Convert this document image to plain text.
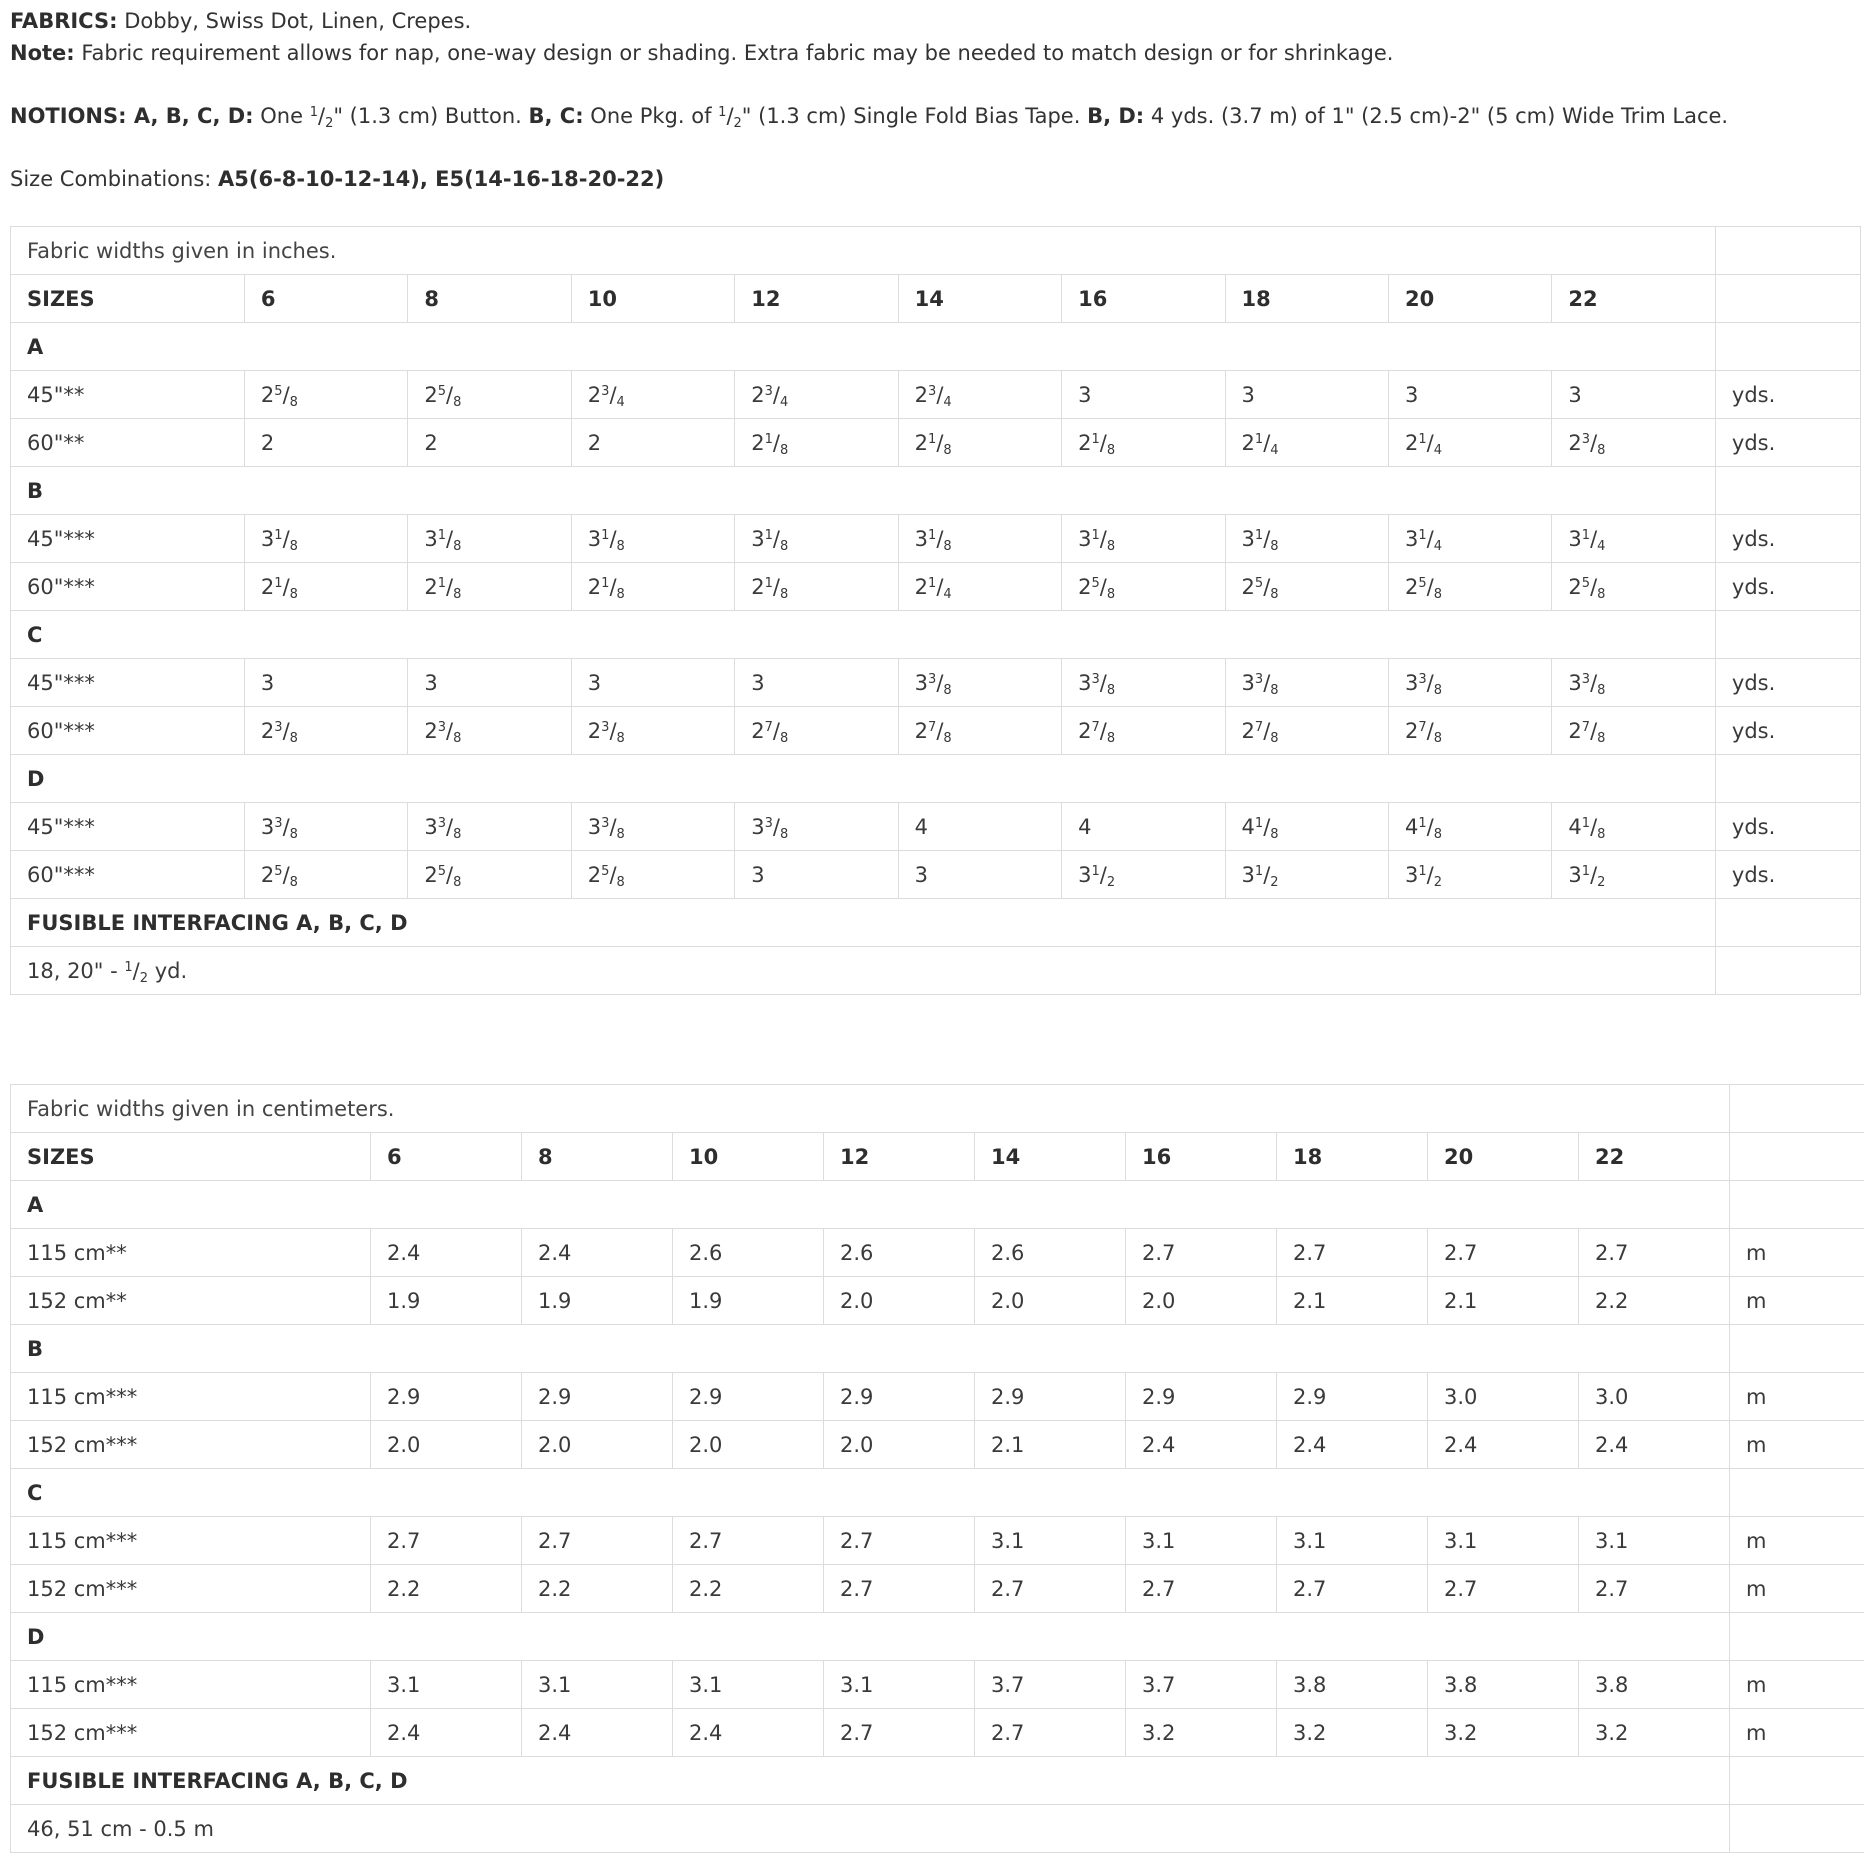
FABRICS: Dobby, Swiss Dot, Linen, Crepes.

Note: Fabric requirement allows for nap, one-way design or shading. Extra fabric may be needed to match design or for shrinkage.

NOTIONS: A, B, C, D: One $^1/_2$" (1.3 cm) Button. B, C: One Pkg. of $^1/_2$" (1.3 cm) Single Fold Bias Tape. B, D: 4 yds. (3.7 m) of 1" (2.5 cm)-2" (5 cm) Wide Trim Lace.

Size Combinations: A5(6-8-10-12-14), E5(14-16-18-20-22)

Fabric widths given in inches.										
SIZES	6	8	10	12	14	16	18	20	22	
A										
45"**	$2^5/_8$	$2^5/_8$	$2^3/_4$	$2^3/_4$	$2^3/_4$	3	3	3	3	yds.
60"**	2	2	2	$2^1/_8$	$2^1/_8$	$2^1/_8$	$2^1/_4$	$2^1/_4$	$2^3/_8$	yds.
B										
45"***	$3^1/_8$	$3^1/_8$	$3^1/_8$	$3^1/_8$	$3^1/_8$	$3^1/_8$	$3^1/_8$	$3^1/_4$	$3^1/_4$	yds.
60"***	$2^1/_8$	$2^1/_8$	$2^1/_8$	$2^1/_8$	$2^1/_4$	$2^5/_8$	$2^5/_8$	$2^5/_8$	$2^5/_8$	yds.
C										
45"***	3	3	3	3	$3^3/_8$	$3^3/_8$	$3^3/_8$	$3^3/_8$	$3^3/_8$	yds.
60"***	$2^3/_8$	$2^3/_8$	$2^3/_8$	$2^7/_8$	$2^7/_8$	$2^7/_8$	$2^7/_8$	$2^7/_8$	$2^7/_8$	yds.
D										
45"***	$3^3/_8$	$3^3/_8$	$3^3/_8$	$3^3/_8$	4	4	$4^1/_8$	$4^1/_8$	$4^1/_8$	yds.
60"***	$2^5/_8$	$2^5/_8$	$2^5/_8$	3	3	$3^1/_2$	$3^1/_2$	$3^1/_2$	$3^1/_2$	yds.
FUSIBLE INTERFACING A, B, C, D										
18, 20" - $^1/_2$ yd.										
Fabric widths given in centimeters.										
SIZES	6	8	10	12	14	16	18	20	22	
A										
115 cm**	2.4	2.4	2.6	2.6	2.6	2.7	2.7	2.7	2.7	m
152 cm**	1.9	1.9	1.9	2.0	2.0	2.0	2.1	2.1	2.2	m
B										
115 cm***	2.9	2.9	2.9	2.9	2.9	2.9	2.9	3.0	3.0	m
152 cm***	2.0	2.0	2.0	2.0	2.1	2.4	2.4	2.4	2.4	m
C										
115 cm***	2.7	2.7	2.7	2.7	3.1	3.1	3.1	3.1	3.1	m
152 cm***	2.2	2.2	2.2	2.7	2.7	2.7	2.7	2.7	2.7	m
D										
115 cm***	3.1	3.1	3.1	3.1	3.7	3.7	3.8	3.8	3.8	m
152 cm***	2.4	2.4	2.4	2.7	2.7	3.2	3.2	3.2	3.2	m
FUSIBLE INTERFACING A, B, C, D										
46, 51 cm - 0.5 m										
